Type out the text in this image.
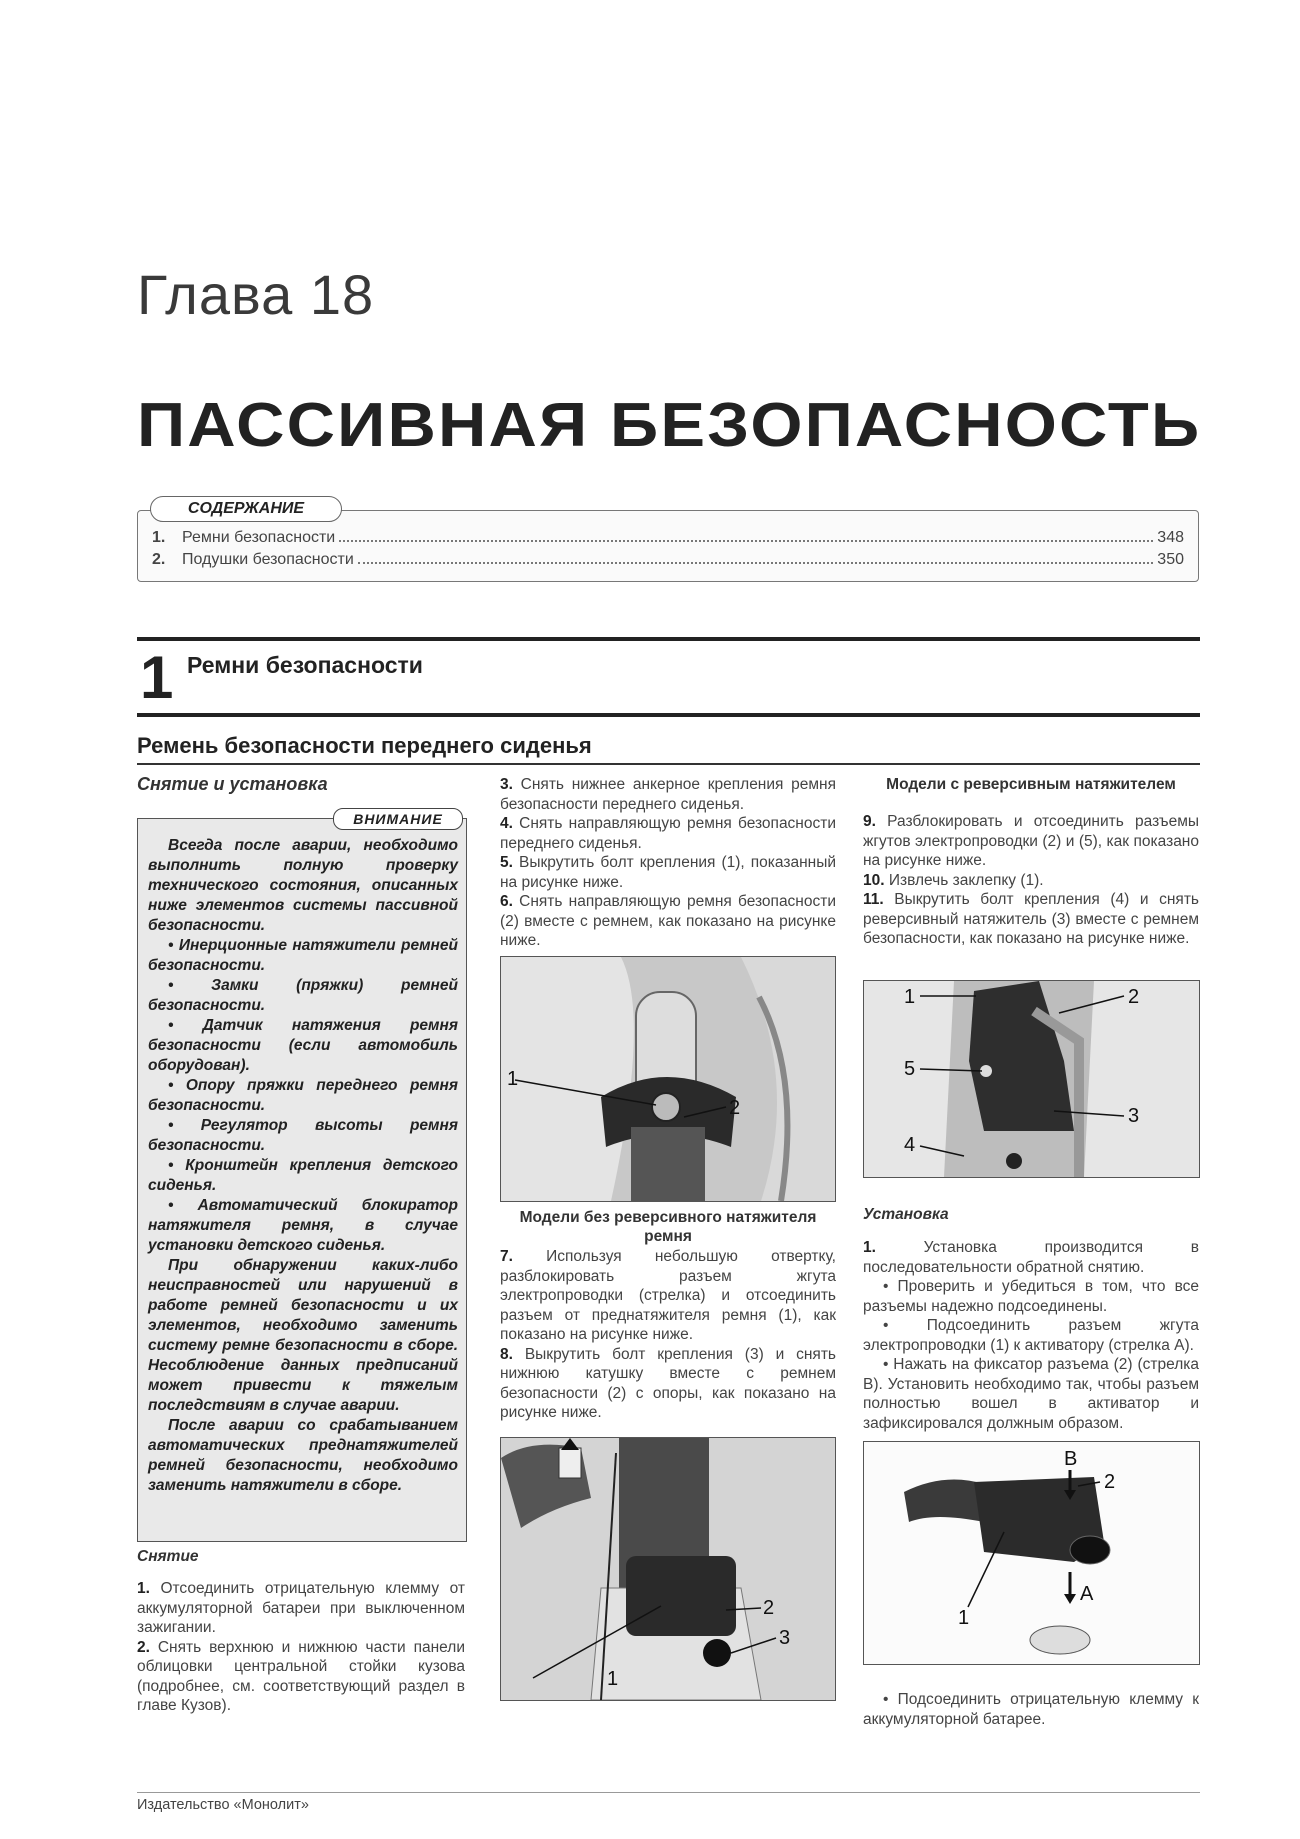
Глава 18
ПАССИВНАЯ БЕЗОПАСНОСТЬ
1.	Ремни безопасности	348
2.	Подушки безопасности	350
СОДЕРЖАНИЕ
1 Ремни безопасности
Ремень безопасности переднего сиденья
Снятие и установка
ВНИМАНИЕ

Всегда после аварии, необходимо выполнить полную проверку технического состояния, описанных ниже элементов системы пассивной безопасности.

• Инерционные натяжители ремней безопасности.

• Замки (пряжки) ремней безопасности.

• Датчик натяжения ремня безопасности (если автомобиль оборудован).

• Опору пряжки переднего ремня безопасности.

• Регулятор высоты ремня безопасности.

• Кронштейн крепления детского сиденья.

• Автоматический блокиратор натяжителя ремня, в случае установки детского сиденья.

При обнаружении каких-либо неисправностей или нарушений в работе ремней безопасности и их элементов, необходимо заменить систему ремне безопасности в сборе. Несоблюдение данных предписаний может привести к тяжелым последствиям в случае аварии.

После аварии со срабатыванием автоматических преднатяжителей ремней безопасности, необходимо заменить натяжители в сборе.

Снятие

1. Отсоединить отрицательную клемму от аккумуляторной батареи при выключенном зажигании.

2. Снять верхнюю и нижнюю части панели облицовки центральной стойки кузова (подробнее, см. соответствующий раздел в главе Кузов).

3. Снять нижнее анкерное крепления ремня безопасности переднего сиденья.

4. Снять направляющую ремня безопасности переднего сиденья.

5. Выкрутить болт крепления (1), показанный на рисунке ниже.

6. Снять направляющую ремня безопасности (2) вместе с ремнем, как показано на рисунке ниже.

1
2
Модели без реверсивного натяжителя ремня

7. Используя небольшую отвертку, разблокировать разъем жгута электропроводки (стрелка) и отсоединить разъем от преднатяжителя ремня (1), как показано на рисунке ниже.

8. Выкрутить болт крепления (3) и снять нижнюю катушку вместе с ремнем безопасности (2) с опоры, как показано на рисунке ниже.

1
2
3
Модели с реверсивным натяжителем

9. Разблокировать и отсоединить разъемы жгутов электропроводки (2) и (5), как показано на рисунке ниже.

10. Извлечь заклепку (1).

11. Выкрутить болт крепления (4) и снять реверсивный натяжитель (3) вместе с ремнем безопасности, как показано на рисунке ниже.

1	2
3
4
5
Установка

1.	Установка производится в последовательности обратной снятию.

• Проверить и убедиться в том, что все разъемы надежно подсоединены.

• Подсоединить разъем жгута электропроводки (1) к активатору (стрелка А).

• Нажать на фиксатор разъема (2) (стрелка В). Установить необходимо так, чтобы разъем полностью вошел в активатор и зафиксировался должным образом.

B
2
1
A
• Подсоединить отрицательную клемму к аккумуляторной батарее.
Издательство «Монолит»
